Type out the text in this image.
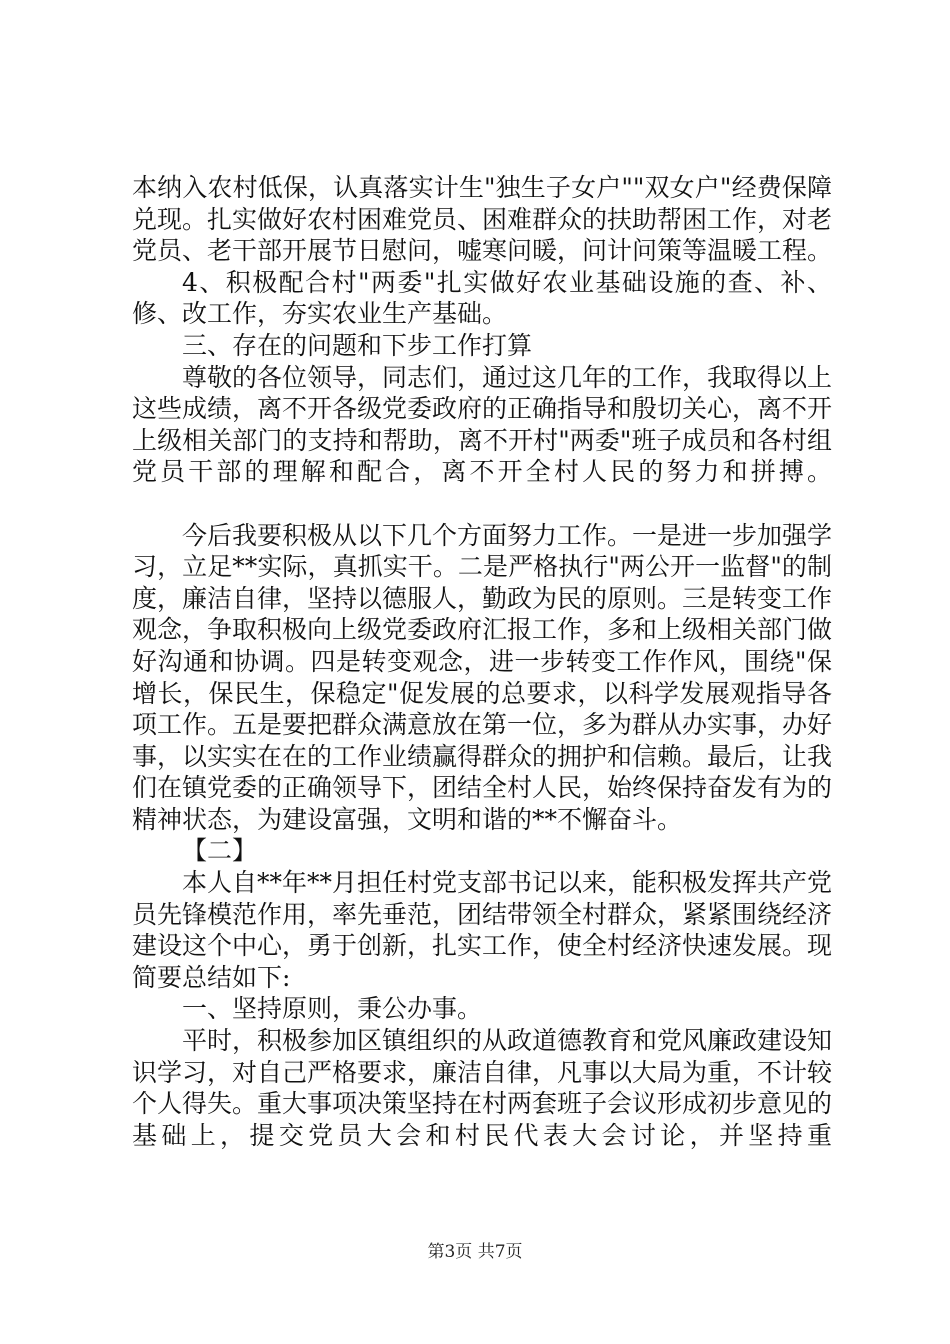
本纳入农村低保，认真落实计生"独生子女户""双女户"经费保障兑现。扎实做好农村困难党员、困难群众的扶助帮困工作，对老党员、老干部开展节日慰问，嘘寒问暖，问计问策等温暖工程。

4、积极配合村"两委"扎实做好农业基础设施的查、补、修、改工作，夯实农业生产基础。

三、存在的问题和下步工作打算

尊敬的各位领导，同志们，通过这几年的工作，我取得以上这些成绩，离不开各级党委政府的正确指导和殷切关心，离不开上级相关部门的支持和帮助，离不开村"两委"班子成员和各村组党员干部的理解和配合，离不开全村人民的努力和拼搏。

今后我要积极从以下几个方面努力工作。一是进一步加强学习，立足**实际，真抓实干。二是严格执行"两公开一监督"的制度，廉洁自律，坚持以德服人，勤政为民的原则。三是转变工作观念，争取积极向上级党委政府汇报工作，多和上级相关部门做好沟通和协调。四是转变观念，进一步转变工作作风，围绕"保增长，保民生，保稳定"促发展的总要求，以科学发展观指导各项工作。五是要把群众满意放在第一位，多为群从办实事，办好事，以实实在在的工作业绩赢得群众的拥护和信赖。最后，让我们在镇党委的正确领导下，团结全村人民，始终保持奋发有为的精神状态，为建设富强，文明和谐的**不懈奋斗。

【二】

本人自**年**月担任村党支部书记以来，能积极发挥共产党员先锋模范作用，率先垂范，团结带领全村群众，紧紧围绕经济建设这个中心，勇于创新，扎实工作，使全村经济快速发展。现简要总结如下:

一、坚持原则，秉公办事。

平时，积极参加区镇组织的从政道德教育和党风廉政建设知识学习，对自己严格要求，廉洁自律，凡事以大局为重，不计较个人得失。重大事项决策坚持在村两套班子会议形成初步意见的基础上，提交党员大会和村民代表大会讨论，并坚持重

第3页 共7页
